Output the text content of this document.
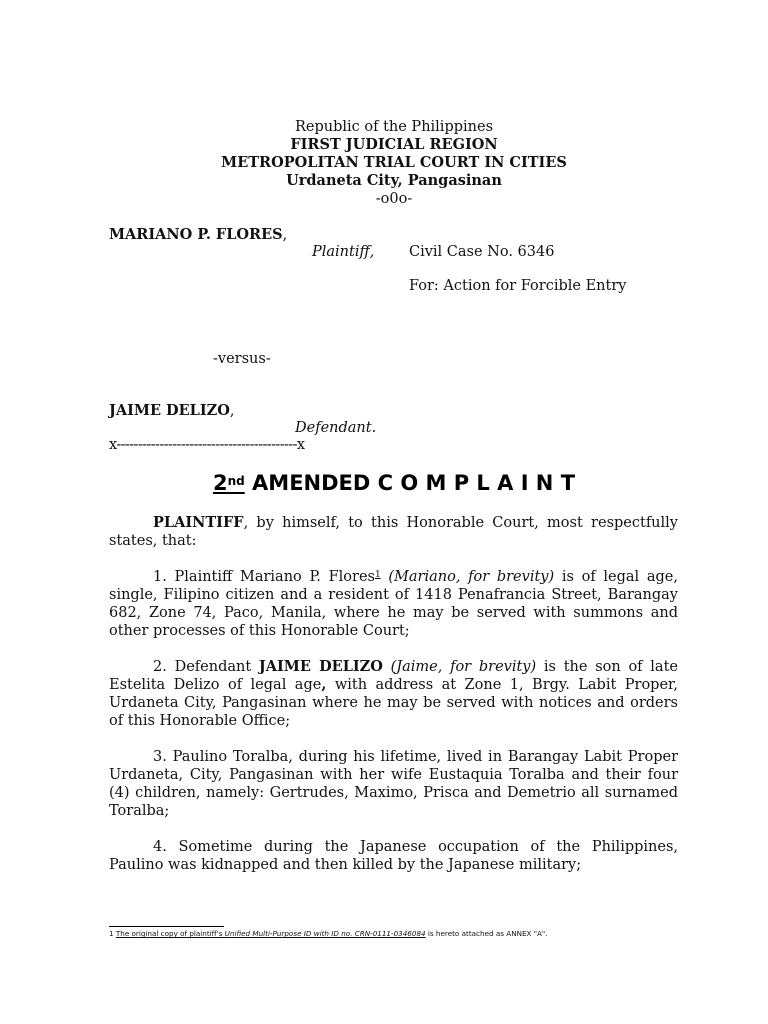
Republic of the Philippines
FIRST JUDICIAL REGION
METROPOLITAN TRIAL COURT IN CITIES
Urdaneta City, Pangasinan
-o0o-
MARIANO P. FLORES,
Plaintiff, Civil Case No. 6346
For: Action for Forcible Entry
-versus-
JAIME DELIZO,
Defendant.
x------------------------------------------x
2nd AMENDED C O M P L A I N T
PLAINTIFF, by himself, to this Honorable Court, most respectfully states, that:
1. Plaintiff Mariano P. Flores$^1$ (Mariano, for brevity) is of legal age, single, Filipino citizen and a resident of 1418 Penafrancia Street, Barangay 682, Zone 74, Paco, Manila, where he may be served with summons and other processes of this Honorable Court;
2. Defendant JAIME DELIZO (Jaime, for brevity) is the son of late Estelita Delizo of legal age, with address at Zone 1, Brgy. Labit Proper, Urdaneta City, Pangasinan where he may be served with notices and orders of this Honorable Office;
3. Paulino Toralba, during his lifetime, lived in Barangay Labit Proper Urdaneta, City, Pangasinan with her wife Eustaquia Toralba and their four (4) children, namely: Gertrudes, Maximo, Prisca and Demetrio all surnamed Toralba;
4. Sometime during the Japanese occupation of the Philippines, Paulino was kidnapped and then killed by the Japanese military;
1 The original copy of plaintiff's Unified Multi-Purpose ID with ID no. CRN-0111-0346084 is hereto attached as ANNEX "A".
